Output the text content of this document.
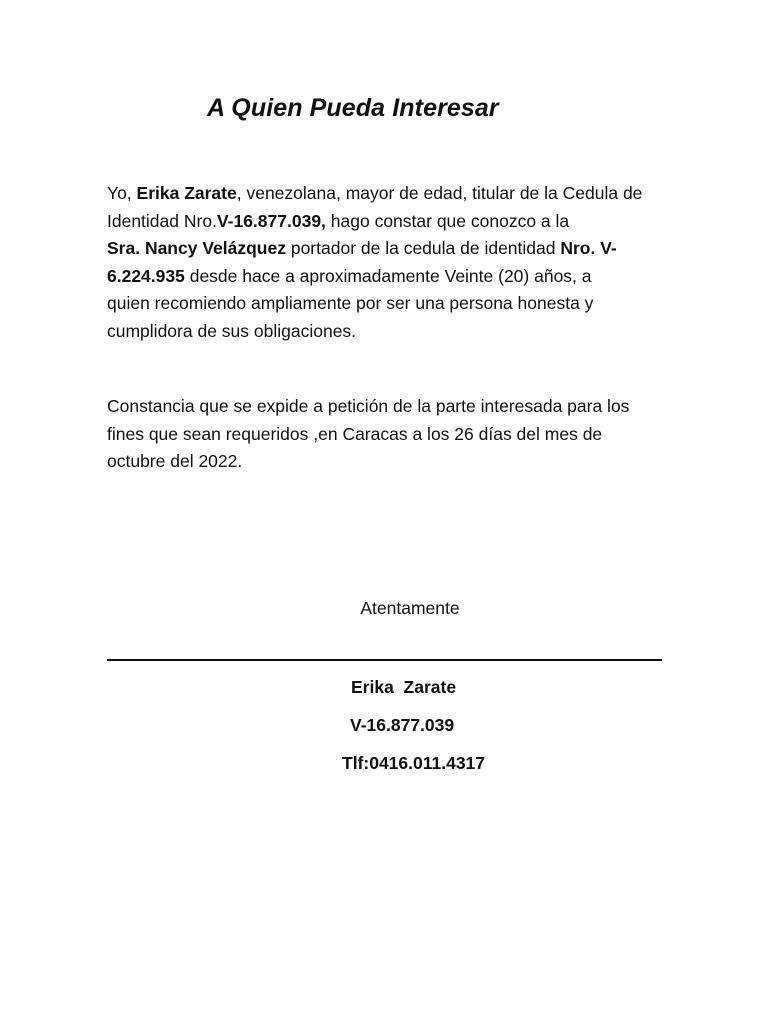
A Quien Pueda Interesar
Yo, Erika Zarate, venezolana, mayor de edad, titular de la Cedula de
Identidad Nro.V-16.877.039, hago constar que conozco a la
Sra. Nancy Velázquez portador de la cedula de identidad Nro. V-
6.224.935 desde hace a aproximadamente Veinte (20) años, a
quien recomiendo ampliamente por ser una persona honesta y
cumplidora de sus obligaciones.
Constancia que se expide a petición de la parte interesada para los
fines que sean requeridos ,en Caracas a los 26 días del mes de
octubre del 2022.
Atentamente
Erika  Zarate
V-16.877.039
Tlf:0416.011.4317
